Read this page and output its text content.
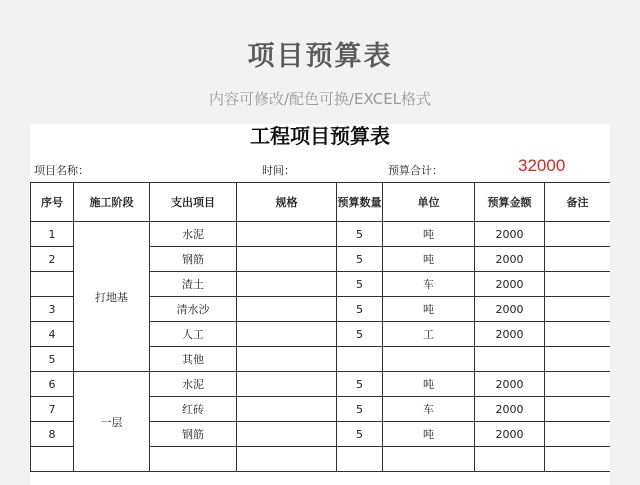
项目预算表
内容可修改/配色可换/EXCEL格式
工程项目预算表
项目名称：	时间：	预算合计：	32000
序号	施工阶段	支出项目	规格	预算数量	单位	预算金额	备注
1	打地基	水泥		5	吨	2000	
2		钢筋		5	吨	2000	
		渣土		5	车	2000	
3		清水沙		5	吨	2000	
4		人工		5	工	2000	
5		其他					
6	一层	水泥		5	吨	2000	
7		红砖		5	车	2000	
8		钢筋		5	吨	2000	
